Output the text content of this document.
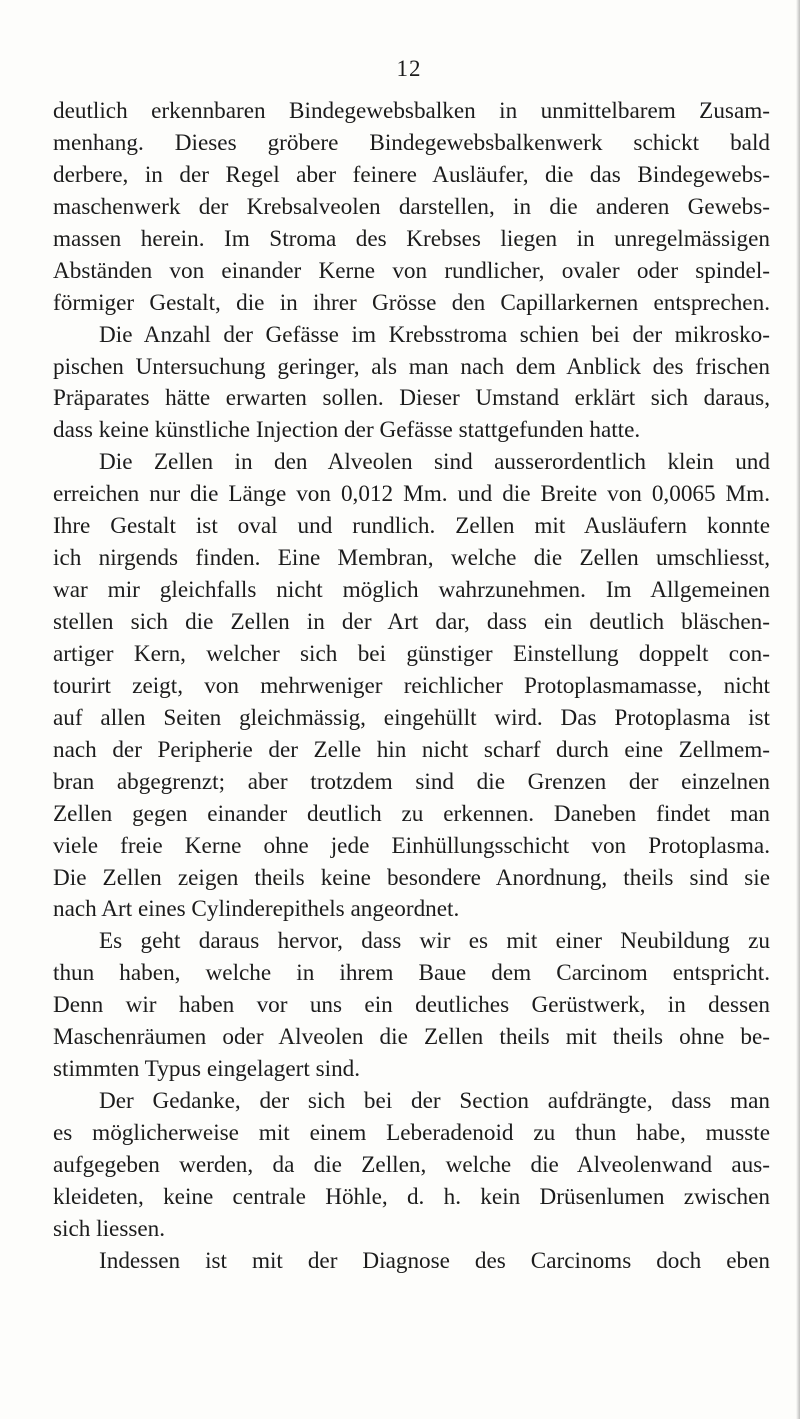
12
deutlich erkennbaren Bindegewebsbalken in unmittelbarem Zusam-
menhang. Dieses gröbere Bindegewebsbalkenwerk schickt bald
derbere, in der Regel aber feinere Ausläufer, die das Bindegewebs-
maschenwerk der Krebsalveolen darstellen, in die anderen Gewebs-
massen herein. Im Stroma des Krebses liegen in unregelmässigen
Abständen von einander Kerne von rundlicher, ovaler oder spindel-
förmiger Gestalt, die in ihrer Grösse den Capillarkernen entsprechen.
Die Anzahl der Gefässe im Krebsstroma schien bei der mikrosko-
pischen Untersuchung geringer, als man nach dem Anblick des frischen
Präparates hätte erwarten sollen. Dieser Umstand erklärt sich daraus,
dass keine künstliche Injection der Gefässe stattgefunden hatte.
Die Zellen in den Alveolen sind ausserordentlich klein und
erreichen nur die Länge von 0,012 Mm. und die Breite von 0,0065 Mm.
Ihre Gestalt ist oval und rundlich. Zellen mit Ausläufern konnte
ich nirgends finden. Eine Membran, welche die Zellen umschliesst,
war mir gleichfalls nicht möglich wahrzunehmen. Im Allgemeinen
stellen sich die Zellen in der Art dar, dass ein deutlich bläschen-
artiger Kern, welcher sich bei günstiger Einstellung doppelt con-
tourirt zeigt, von mehrweniger reichlicher Protoplasmamasse, nicht
auf allen Seiten gleichmässig, eingehüllt wird. Das Protoplasma ist
nach der Peripherie der Zelle hin nicht scharf durch eine Zellmem-
bran abgegrenzt; aber trotzdem sind die Grenzen der einzelnen
Zellen gegen einander deutlich zu erkennen. Daneben findet man
viele freie Kerne ohne jede Einhüllungsschicht von Protoplasma.
Die Zellen zeigen theils keine besondere Anordnung, theils sind sie
nach Art eines Cylinderepithels angeordnet.
Es geht daraus hervor, dass wir es mit einer Neubildung zu
thun haben, welche in ihrem Baue dem Carcinom entspricht.
Denn wir haben vor uns ein deutliches Gerüstwerk, in dessen
Maschenräumen oder Alveolen die Zellen theils mit theils ohne be-
stimmten Typus eingelagert sind.
Der Gedanke, der sich bei der Section aufdrängte, dass man
es möglicherweise mit einem Leberadenoid zu thun habe, musste
aufgegeben werden, da die Zellen, welche die Alveolenwand aus-
kleideten, keine centrale Höhle, d. h. kein Drüsenlumen zwischen
sich liessen.
Indessen ist mit der Diagnose des Carcinoms doch eben
